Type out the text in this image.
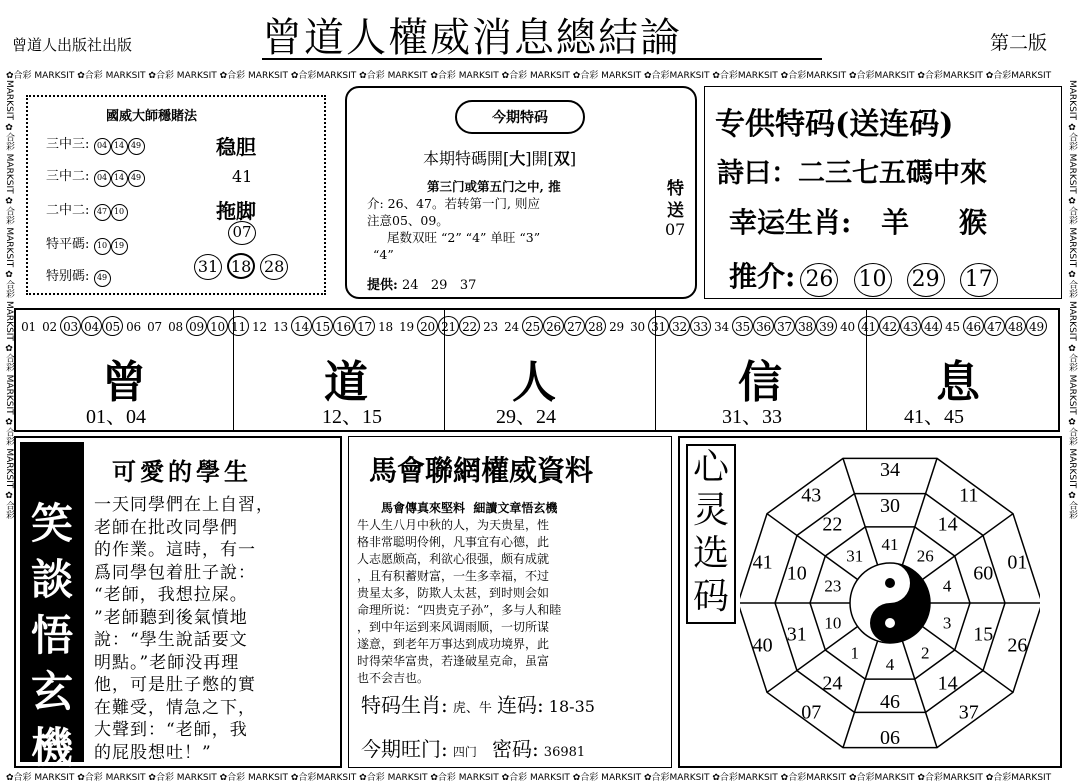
曾道人出版社出版	曾道人權威消息總結論	第二版
✿合彩 MARKSIT ✿合彩 MARKSIT ✿合彩 MARKSIT ✿合彩 MARKSIT ✿合彩MARKSIT ✿合彩 MARKSIT ✿合彩 MARKSIT ✿合彩 MARKSIT ✿合彩 MARKSIT ✿合彩MARKSIT ✿合彩MARKSIT ✿合彩MARKSIT ✿合彩MARKSIT ✿合彩MARKSIT ✿合彩MARKSIT
✿合彩 MARKSIT ✿合彩 MARKSIT ✿合彩 MARKSIT ✿合彩 MARKSIT ✿合彩MARKSIT ✿合彩 MARKSIT ✿合彩 MARKSIT ✿合彩 MARKSIT ✿合彩 MARKSIT ✿合彩MARKSIT ✿合彩MARKSIT ✿合彩MARKSIT ✿合彩MARKSIT ✿合彩MARKSIT ✿合彩MARKSIT
MARKSIT ✿合彩 MARKSIT ✿合彩 MARKSIT ✿合彩 MARKSIT ✿合彩 MARKSIT ✿合彩 MARKSIT ✿合彩	MARKSIT ✿合彩 MARKSIT ✿合彩 MARKSIT ✿合彩 MARKSIT ✿合彩 MARKSIT ✿合彩 MARKSIT ✿合彩
國威大師穩賭法
三中三: 04 14 49
三中二: 04 14 49
二中二: 47 10
特平碼: 10 19
特别碼: 49
稳胆
41
拖脚
07
31 18 28
今期特码
本期特碼開[大]開[双]
第三门或第五门之中, 推
介: 26、47。若转第一门, 则应
注意05、09。
尾数双旺 “2” “4” 单旺 “3”
“4”
特
送
07
提供: 24   29   37
专供特码(送连码)
詩曰：二三七五碼中來
幸运生肖: 羊 猴
推介: 26 10 29 17
01 02 03 04 05 06 07 08 09 10 11 12 13 14 15 16 17 18 19 20 21 22 23 24 25 26 27 28 29 30 31 32 33 34 35 36 37 38 39 40 41 42 43 44 45 46 47 48 49
曾
01、04
道
12、15
人
29、24
信
31、33
息
41、45
笑
談
悟
玄
機
可愛的學生
一天同學們在上自習，
老師在批改同學們
的作業。這時，有一
爲同學包着肚子說：
“老師，我想拉屎。
”老師聽到後氣憤地
說：“學生說話要文
明點。”老師没再理
他，可是肚子憋的實
在難受，情急之下，
大聲到：“老師，我
的屁股想吐！”
馬會聯網權威資料
馬會傳真來堅料  細讀文章悟玄機
牛人生八月中秋的人，为天贵星，性
格非常聪明伶俐，凡事宜有心德，此
人志愿颇高，利欲心很强，颇有成就
，且有积蓄财富，一生多幸福，不过
贵星太多，防欺人太甚，到时则会如
命理所说：“四贵克子孙”，多与人和睦
，到中年运到来风调雨顺，一切所谋
遂意，到老年万事达到成功境界，此
时得荣华富贵，若逢破星克命，虽富
也不会吉也。
特码生肖: 虎、牛 连码: 18-35
今期旺门: 四门 密码: 36981
心
灵
选
码
34
11
01
26
37
06
07
40
41
43	30
14
60
15
14
46
24
31
10
22
41
26
4
3
2
4
1
10
23
31
